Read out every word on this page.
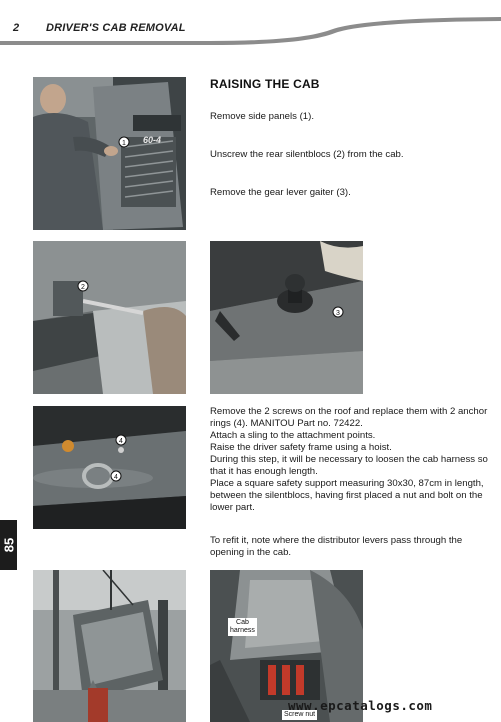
2 DRIVER'S CAB REMOVAL
85
1 60-4
RAISING THE CAB

Remove side panels (1).

Unscrew the rear silentblocs (2) from the cab.

Remove the gear lever gaiter (3).

2
3
4
4

Remove the 2 screws on the roof and replace them with 2 anchor rings (4). MANITOU Part no. 72422.

Attach a sling to the attachment points.

Raise the driver safety frame using a hoist.

During this step, it will be necessary to loosen the cab harness so that it has enough length.

Place a square safety support measuring 30x30, 87cm in length, between the silentblocs, having first placed a nut and bolt on the lower part.

To refit it, note where the distributor levers pass through the opening in the cab.

Cab
harness
Screw nut
www.epcatalogs.com
